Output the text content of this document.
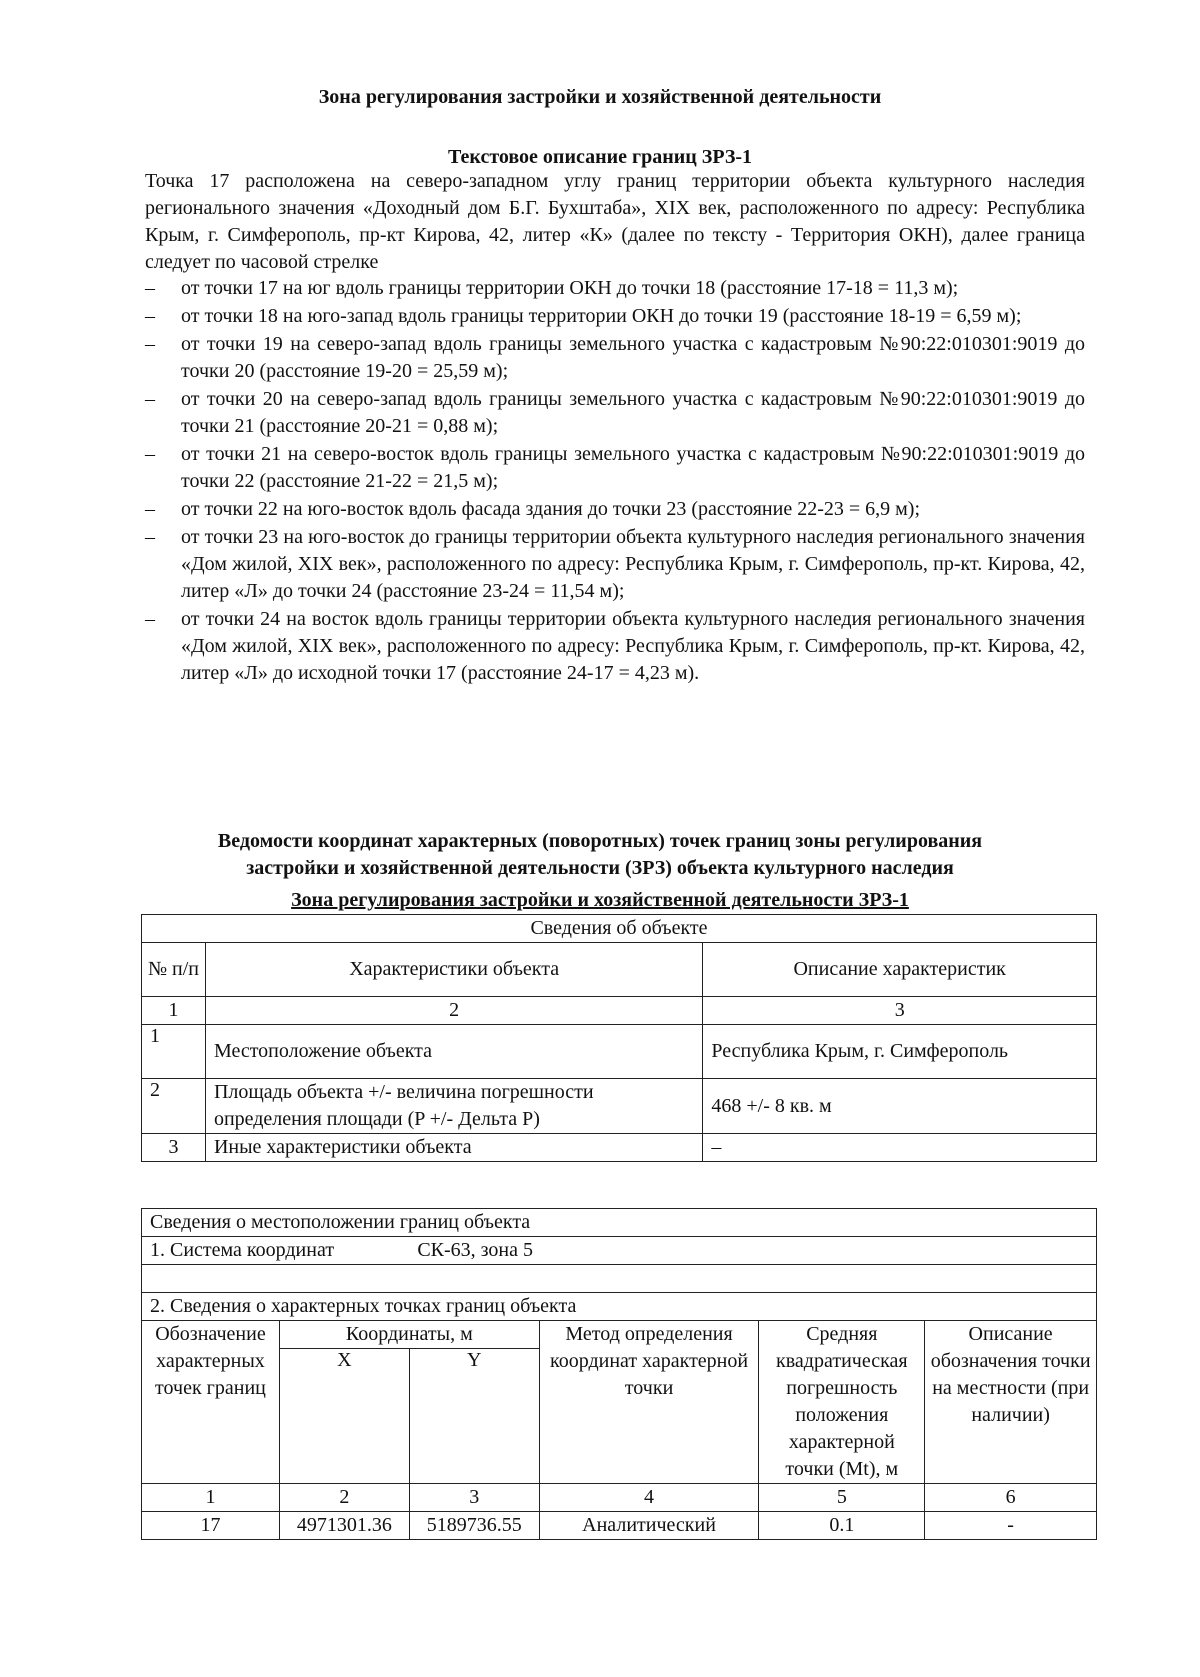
Зона регулирования застройки и хозяйственной деятельности
Текстовое описание границ ЗРЗ-1
Точка 17 расположена на северо-западном углу границ территории объекта культурного наследия регионального значения «Доходный дом Б.Г. Бухштаба», XIX век, расположенного по адресу: Республика Крым, г. Симферополь, пр-кт Кирова, 42, литер «К» (далее по тексту - Территория ОКН), далее граница следует по часовой стрелке
– от точки 17 на юг вдоль границы территории ОКН до точки 18 (расстояние 17-18 = 11,3 м);
– от точки 18 на юго-запад вдоль границы территории ОКН до точки 19 (расстояние 18-19 = 6,59 м);
– от точки 19 на северо-запад вдоль границы земельного участка с кадастровым №90:22:010301:9019 до точки 20 (расстояние 19-20 = 25,59 м);
– от точки 20 на северо-запад вдоль границы земельного участка с кадастровым №90:22:010301:9019 до точки 21 (расстояние 20-21 = 0,88 м);
– от точки 21 на северо-восток вдоль границы земельного участка с кадастровым №90:22:010301:9019 до точки 22 (расстояние 21-22 = 21,5 м);
– от точки 22 на юго-восток вдоль фасада здания до точки 23 (расстояние 22-23 = 6,9 м);
– от точки 23 на юго-восток до границы территории объекта культурного наследия регионального значения «Дом жилой, XIX век», расположенного по адресу: Республика Крым, г. Симферополь, пр-кт. Кирова, 42, литер «Л» до точки 24 (расстояние 23-24 = 11,54 м);
– от точки 24 на восток вдоль границы территории объекта культурного наследия регионального значения «Дом жилой, XIX век», расположенного по адресу: Республика Крым, г. Симферополь, пр-кт. Кирова, 42, литер «Л» до исходной точки 17 (расстояние 24-17 = 4,23 м).
Ведомости координат характерных (поворотных) точек границ зоны регулирования
застройки и хозяйственной деятельности (ЗРЗ) объекта культурного наследия
Зона регулирования застройки и хозяйственной деятельности ЗРЗ-1
Сведения об объекте		
№ п/п	Характеристики объекта	Описание характеристик
1	2	3
1	Местоположение объекта	Республика Крым, г. Симферополь
2	Площадь объекта +/- величина погрешности определения площади (P +/- Дельта P)	468 +/- 8 кв. м
3	Иные характеристики объекта	–
Сведения о местоположении границ объекта					
1. Система координат		СК-63, зона 5			

2. Сведения о характерных точках границ объекта					
Обозначение характерных точек границ	Координаты, м		Метод определения координат характерной точки	Средняя квадратическая погрешность положения характерной точки (Mt), м	Описание обозначения точки на местности (при наличии)
	X	Y			
1	2	3	4	5	6
17	4971301.36	5189736.55	Аналитический	0.1	-
